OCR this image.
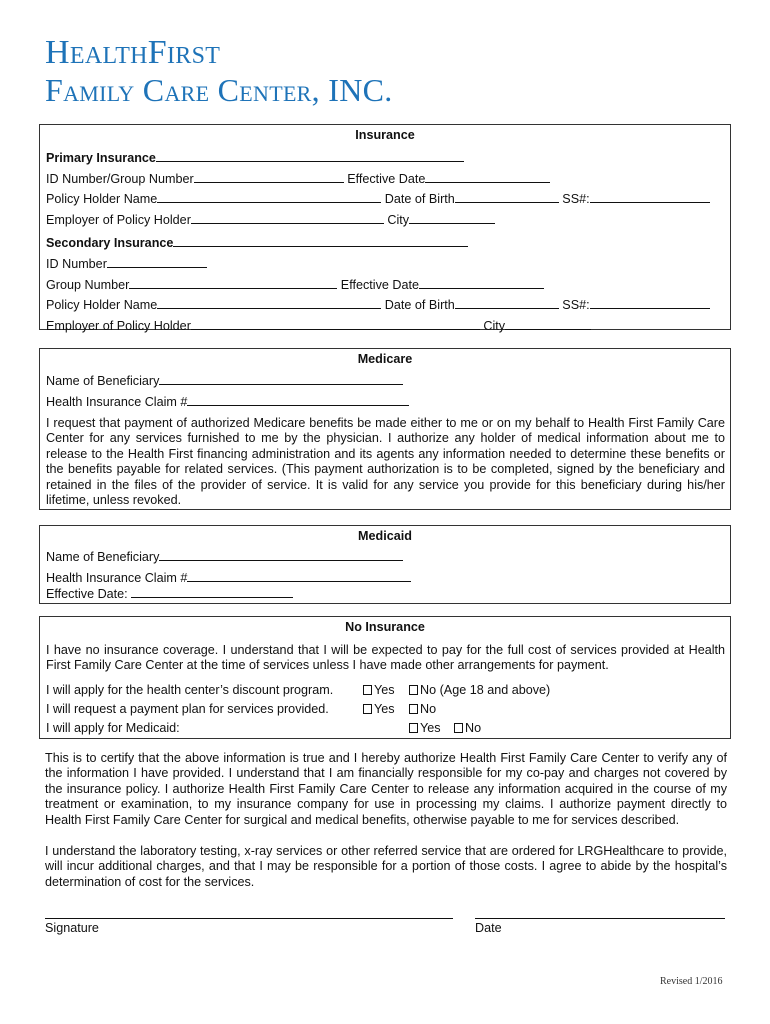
HealthFirst
Family Care Center, INC.
Insurance
Primary Insurance
ID Number/Group Number	Effective Date
Policy Holder Name	Date of Birth	SS#:
Employer of Policy Holder	City
Secondary Insurance
ID Number
Group Number	Effective Date
Policy Holder Name	Date of Birth	SS#:
Employer of Policy Holder	City
Medicare
Name of Beneficiary
Health Insurance Claim #
I request that payment of authorized Medicare benefits be made either to me or on my behalf to Health First Family Care Center for any services furnished to me by the physician. I authorize any holder of medical information about me to release to the Health First financing administration and its agents any information needed to determine these benefits or the benefits payable for related services. (This payment authorization is to be completed, signed by the beneficiary and retained in the files of the provider of service. It is valid for any service you provide for this beneficiary during his/her lifetime, unless revoked.
Medicaid
Name of Beneficiary
Health Insurance Claim #
Effective Date:
No Insurance
I have no insurance coverage. I understand that I will be expected to pay for the full cost of services provided at Health First Family Care Center at the time of services unless I have made other arrangements for payment.
I will apply for the health center’s discount program.	Yes	No (Age 18 and above)
I will request a payment plan for services provided.	Yes	No
I will apply for Medicaid:	Yes	No
This is to certify that the above information is true and I hereby authorize Health First Family Care Center to verify any of the information I have provided. I understand that I am financially responsible for my co-pay and charges not covered by the insurance policy. I authorize Health First Family Care Center to release any information acquired in the course of my treatment or examination, to my insurance company for use in processing my claims. I authorize payment directly to Health First Family Care Center for surgical and medical benefits, otherwise payable to me for services described.
I understand the laboratory testing, x-ray services or other referred service that are ordered for LRGHealthcare to provide, will incur additional charges, and that I may be responsible for a portion of those costs. I agree to abide by the hospital’s determination of cost for the services.
Signature	Date
Revised 1/2016
